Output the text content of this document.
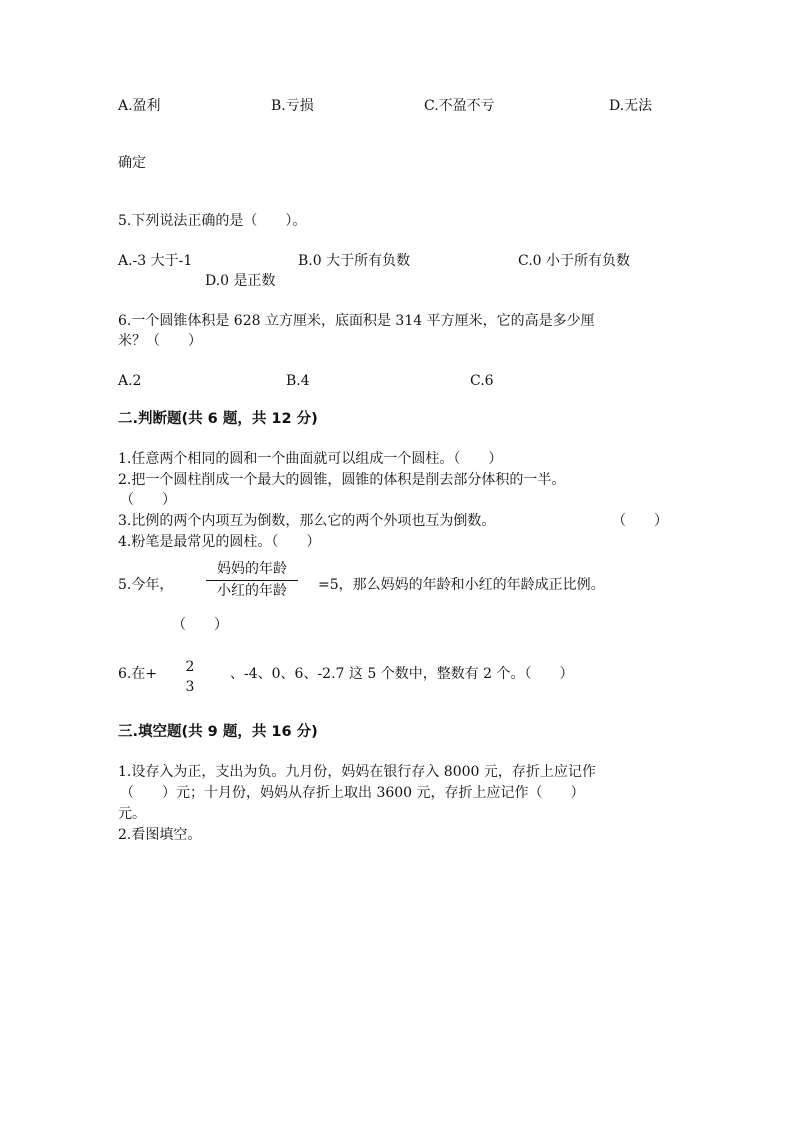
A.盈利	B.亏损	C.不盈不亏	D.无法
确定
5.下列说法正确的是（　　）。
A.-3 大于-1	B.0 大于所有负数	C.0 小于所有负数
D.0 是正数
6.一个圆锥体积是 628 立方厘米，底面积是 314 平方厘米，它的高是多少厘
米？（　　）
A.2	B.4	C.6
二.判断题(共 6 题，共 12 分)
1.任意两个相同的圆和一个曲面就可以组成一个圆柱。（　　）
2.把一个圆柱削成一个最大的圆锥，圆锥的体积是削去部分体积的一半。
（　　）
3.比例的两个内项互为倒数，那么它的两个外项也互为倒数。	（　　）
4.粉笔是最常见的圆柱。（　　）
5.今年，
妈妈的年龄
小红的年龄	=5，那么妈妈的年龄和小红的年龄成正比例。
（　　）
6.在+	2
3
、-4、0、6、-2.7 这 5 个数中，整数有 2 个。（　　）
三.填空题(共 9 题，共 16 分)
1.设存入为正，支出为负。九月份，妈妈在银行存入 8000 元，存折上应记作
（　　）元；十月份，妈妈从存折上取出 3600 元，存折上应记作（　　）
元。
2.看图填空。
